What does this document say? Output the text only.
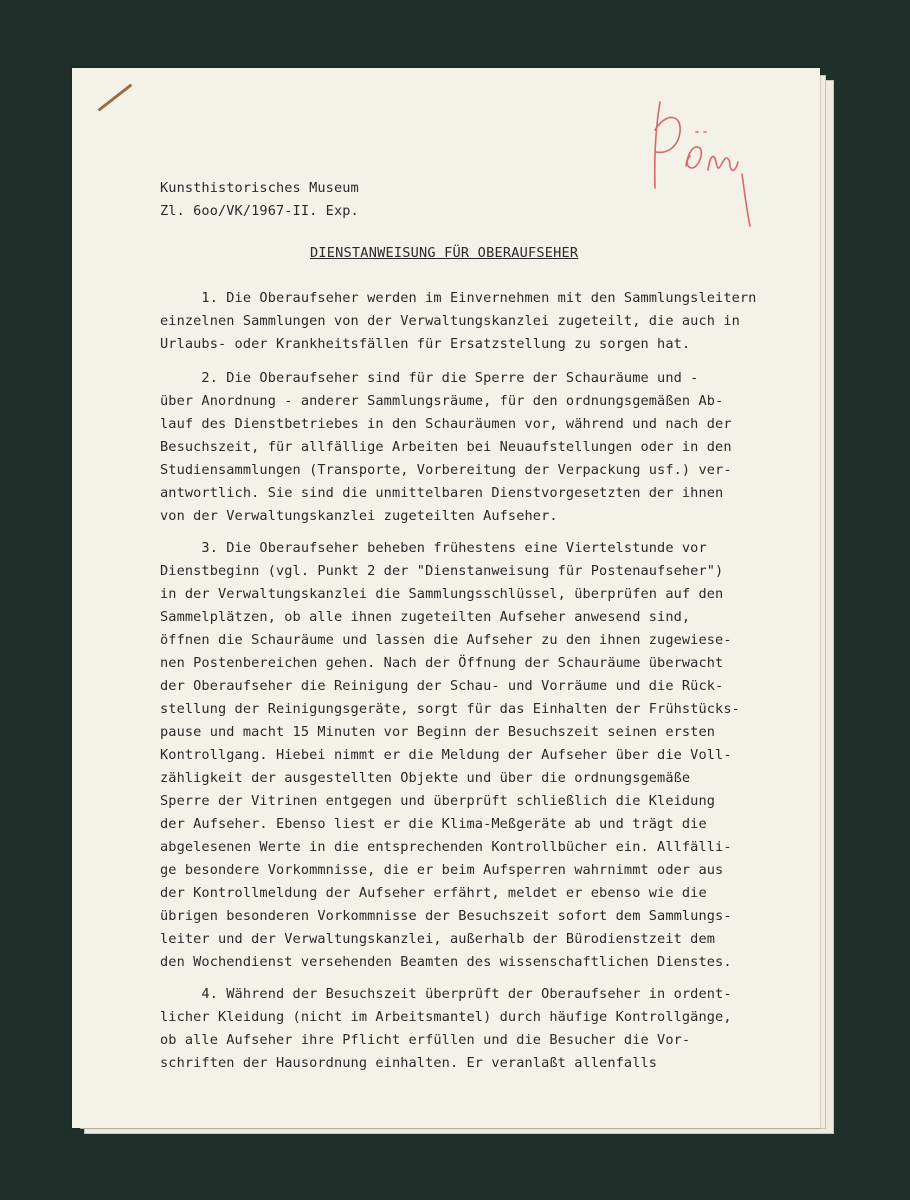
Kunsthistorisches Museum
Zl. 6oo/VK/1967-II. Exp.
DIENSTANWEISUNG FÜR OBERAUFSEHER
1. Die Oberaufseher werden im Einvernehmen mit den Sammlungsleitern
einzelnen Sammlungen von der Verwaltungskanzlei zugeteilt, die auch in
Urlaubs- oder Krankheitsfällen für Ersatzstellung zu sorgen hat.
2. Die Oberaufseher sind für die Sperre der Schauräume und -
über Anordnung - anderer Sammlungsräume, für den ordnungsgemäßen Ab-
lauf des Dienstbetriebes in den Schauräumen vor, während und nach der
Besuchszeit, für allfällige Arbeiten bei Neuaufstellungen oder in den
Studiensammlungen (Transporte, Vorbereitung der Verpackung usf.) ver-
antwortlich. Sie sind die unmittelbaren Dienstvorgesetzten der ihnen
von der Verwaltungskanzlei zugeteilten Aufseher.
3. Die Oberaufseher beheben frühestens eine Viertelstunde vor
Dienstbeginn (vgl. Punkt 2 der "Dienstanweisung für Postenaufseher")
in der Verwaltungskanzlei die Sammlungsschlüssel, überprüfen auf den
Sammelplätzen, ob alle ihnen zugeteilten Aufseher anwesend sind,
öffnen die Schauräume und lassen die Aufseher zu den ihnen zugewiese-
nen Postenbereichen gehen. Nach der Öffnung der Schauräume überwacht
der Oberaufseher die Reinigung der Schau- und Vorräume und die Rück-
stellung der Reinigungsgeräte, sorgt für das Einhalten der Frühstücks-
pause und macht 15 Minuten vor Beginn der Besuchszeit seinen ersten
Kontrollgang. Hiebei nimmt er die Meldung der Aufseher über die Voll-
zähligkeit der ausgestellten Objekte und über die ordnungsgemäße
Sperre der Vitrinen entgegen und überprüft schließlich die Kleidung
der Aufseher. Ebenso liest er die Klima-Meßgeräte ab und trägt die
abgelesenen Werte in die entsprechenden Kontrollbücher ein. Allfälli-
ge besondere Vorkommnisse, die er beim Aufsperren wahrnimmt oder aus
der Kontrollmeldung der Aufseher erfährt, meldet er ebenso wie die
übrigen besonderen Vorkommnisse der Besuchszeit sofort dem Sammlungs-
leiter und der Verwaltungskanzlei, außerhalb der Bürodienstzeit dem
den Wochendienst versehenden Beamten des wissenschaftlichen Dienstes.
4. Während der Besuchszeit überprüft der Oberaufseher in ordent-
licher Kleidung (nicht im Arbeitsmantel) durch häufige Kontrollgänge,
ob alle Aufseher ihre Pflicht erfüllen und die Besucher die Vor-
schriften der Hausordnung einhalten. Er veranlaßt allenfalls
